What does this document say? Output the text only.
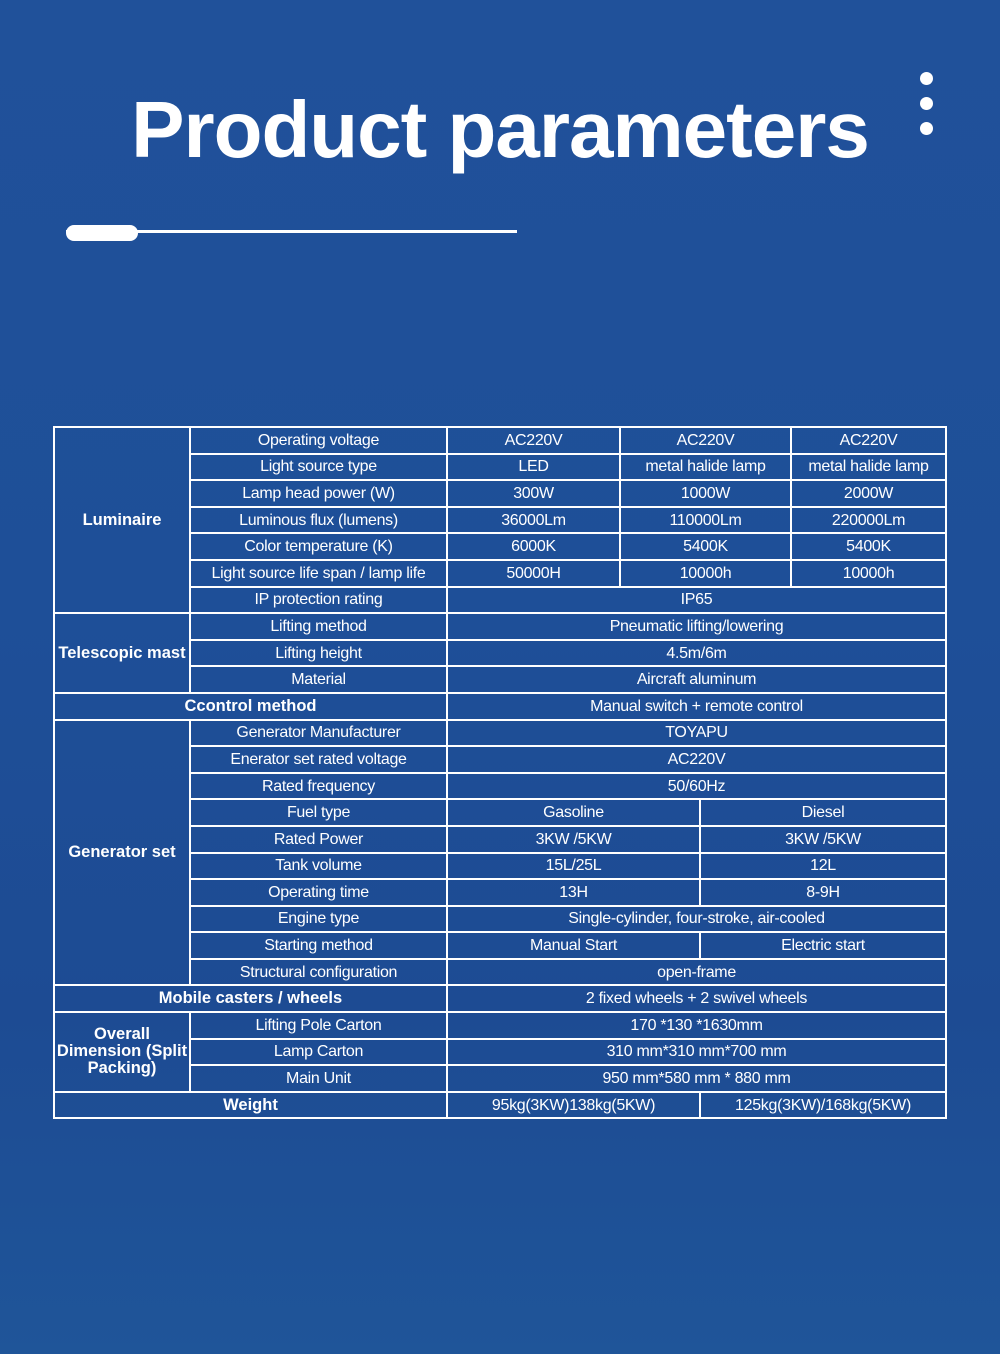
Product parameters
Luminaire	Operating voltage	AC220V	AC220V		AC220V
	Light source type	LED	metal halide lamp		metal halide lamp
	Lamp head power (W)	300W	1000W		2000W
	Luminous flux (lumens)	36000Lm	110000Lm		220000Lm
	Color temperature (K)	6000K	5400K		5400K
	Light source life span / lamp life	50000H	10000h		10000h
	IP protection rating	IP65			
Telescopic mast	Lifting method	Pneumatic lifting/lowering			
	Lifting height	4.5m/6m			
	Material	Aircraft aluminum			
Ccontrol method		Manual switch + remote control			
Generator set	Generator Manufacturer	TOYAPU			
	Enerator set rated voltage	AC220V			
	Rated frequency	50/60Hz			
	Fuel type	Gasoline		Diesel	
	Rated Power	3KW /5KW		3KW /5KW	
	Tank volume	15L/25L		12L	
	Operating time	13H		8-9H	
	Engine type	Single-cylinder, four-stroke, air-cooled			
	Starting method	Manual Start		Electric start	
	Structural configuration	open-frame			
Mobile casters / wheels		2 fixed wheels + 2 swivel wheels			
Overall Dimension (Split Packing)	Lifting Pole Carton	170 *130 *1630mm			
	Lamp Carton	310 mm*310 mm*700 mm			
	Main Unit	950 mm*580 mm * 880 mm			
Weight		95kg(3KW)138kg(5KW)		125kg(3KW)/168kg(5KW)	
